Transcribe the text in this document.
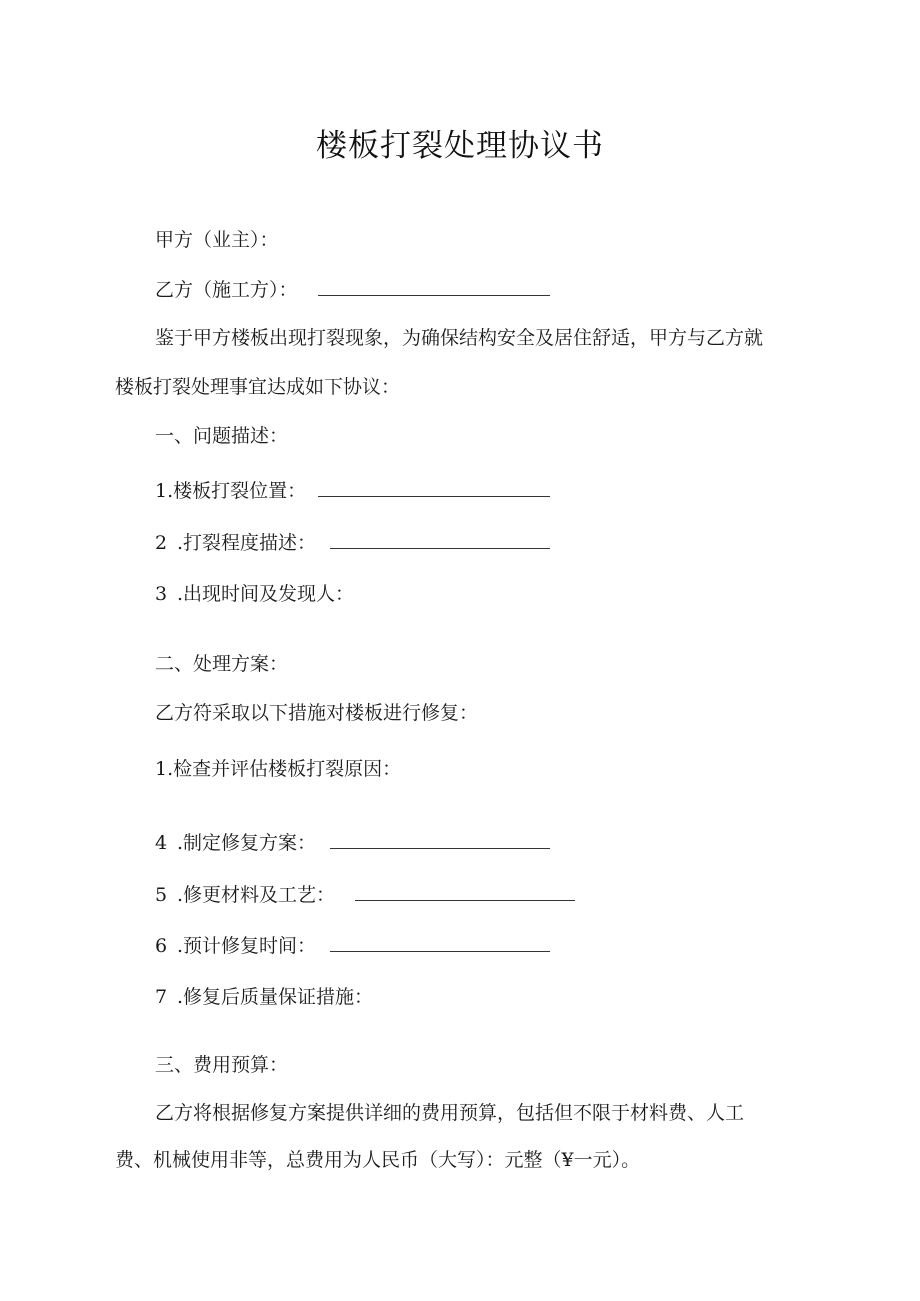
楼板打裂处理协议书
甲方（业主）：
乙方（施工方）：
鉴于甲方楼板出现打裂现象，为确保结构安全及居住舒适，甲方与乙方就
楼板打裂处理事宜达成如下协议：
一、问题描述：
1.楼板打裂位置：
2 .打裂程度描述：
3 .出现时间及发现人：
二、处理方案：
乙方符采取以下措施对楼板进行修复：
1.检查并评估楼板打裂原因：
4 .制定修复方案：
5 .修更材料及工艺：
6 .预计修复时间：
7 .修复后质量保证措施：
三、费用预算：
乙方将根据修复方案提供详细的费用预算，包括但不限于材料费、人工
费、机械使用非等，总费用为人民币（大写）：元整（¥一元）。
